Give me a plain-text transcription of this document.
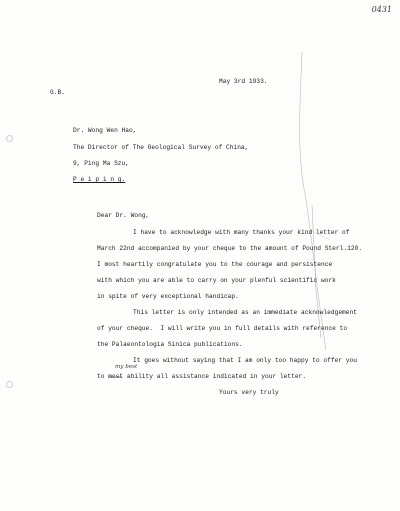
0431
May 3rd 1933.
G.B.
Dr. Wong Wen Hao,
The Director of The Geological Survey of China,
9, Ping Ma Szu,
P e i p i n g.
Dear Dr. Wong,
I have to acknowledge with many thanks your kind letter of
March 22nd accompanied by your cheque to the amount of Pound Sterl.120.
I most heartily congratulate you to the courage and persistence
with which you are able to carry on your plenful scientific work
in spite of very exceptional handicap.
This letter is only intended as an immediate acknowledgement
of your cheque.  I will write you in full details with reference to
the Palaeontologia Sinica publications.
It goes without saying that I am only too happy to offer you
my best
to most ability all assistance indicated in your letter.
Yours very truly
